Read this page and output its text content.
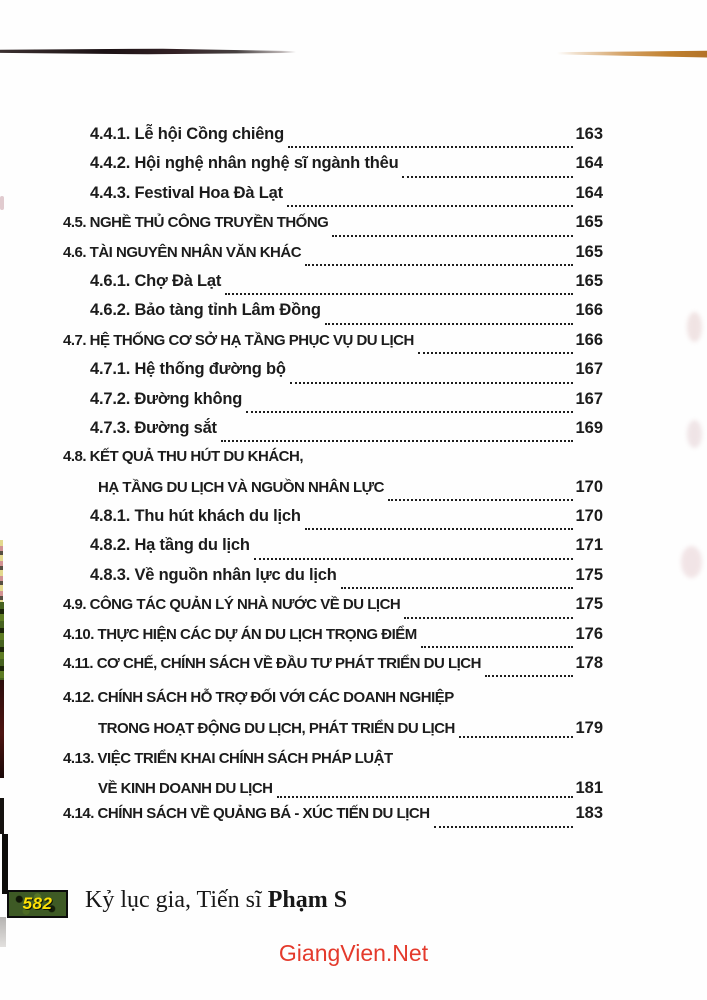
4.4.1. Lễ hội Cồng chiêng	163
4.4.2. Hội nghệ nhân nghệ sĩ ngành thêu	164
4.4.3. Festival Hoa Đà Lạt	164
4.5. NGHỀ THỦ CÔNG TRUYỀN THỐNG	165
4.6. TÀI NGUYÊN NHÂN VĂN KHÁC	165
4.6.1. Chợ Đà Lạt	165
4.6.2. Bảo tàng tỉnh Lâm Đồng	166
4.7. HỆ THỐNG CƠ SỞ HẠ TẦNG PHỤC VỤ DU LỊCH	166
4.7.1. Hệ thống đường bộ	167
4.7.2. Đường không	167
4.7.3. Đường sắt	169
4.8. KẾT QUẢ THU HÚT DU KHÁCH,
HẠ TẦNG DU LỊCH VÀ NGUỒN NHÂN LỰC	170
4.8.1. Thu hút khách du lịch	170
4.8.2. Hạ tầng du lịch	171
4.8.3. Về nguồn nhân lực du lịch	175
4.9. CÔNG TÁC QUẢN LÝ NHÀ NƯỚC VỀ DU LỊCH	175
4.10. THỰC HIỆN CÁC DỰ ÁN DU LỊCH TRỌNG ĐIỂM	176
4.11. CƠ CHẾ, CHÍNH SÁCH VỀ ĐẦU TƯ PHÁT TRIỂN DU LỊCH	178
4.12. CHÍNH SÁCH HỖ TRỢ ĐỐI VỚI CÁC DOANH NGHIỆP
TRONG HOẠT ĐỘNG DU LỊCH, PHÁT TRIỂN DU LỊCH	179
4.13. VIỆC TRIỂN KHAI CHÍNH SÁCH PHÁP LUẬT
VỀ KINH DOANH DU LỊCH	181
4.14. CHÍNH SÁCH VỀ QUẢNG BÁ - XÚC TIẾN DU LỊCH	183
582 Kỷ lục gia, Tiến sĩ Phạm S
GiangVien.Net
